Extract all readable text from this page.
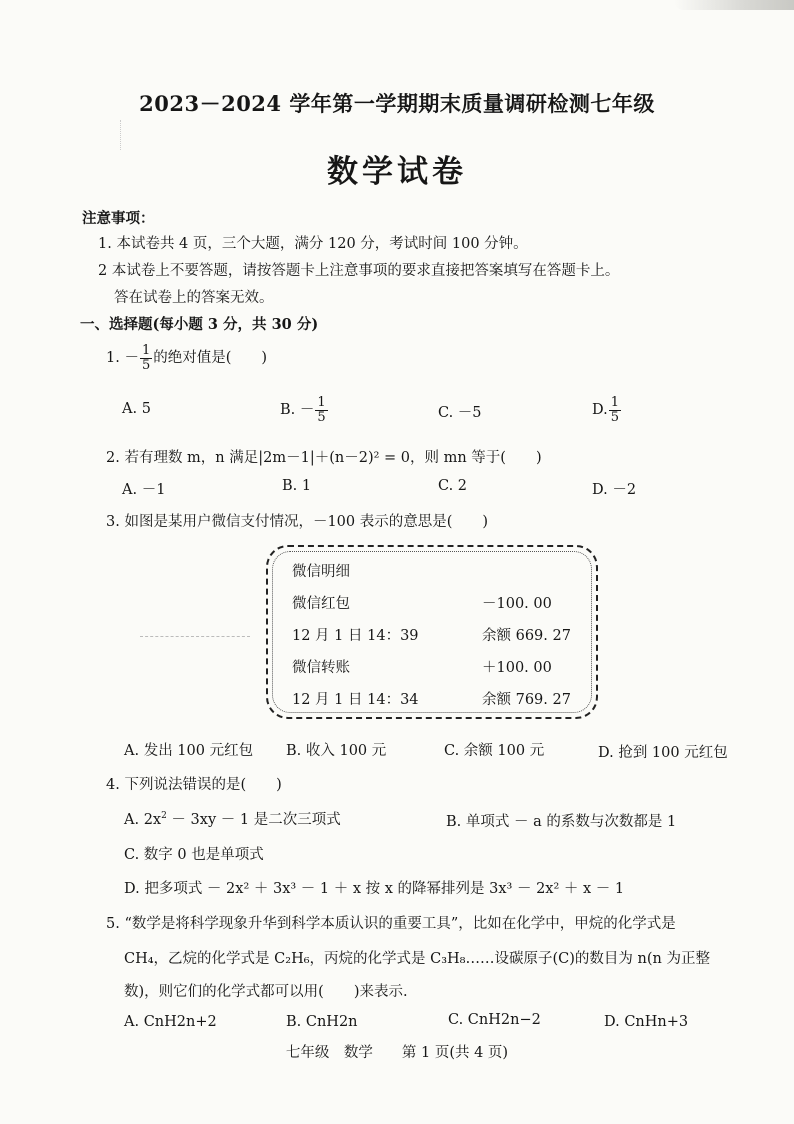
2023－2024 学年第一学期期末质量调研检测七年级
数学试卷
注意事项：
1. 本试卷共 4 页，三个大题，满分 120 分，考试时间 100 分钟。
2 本试卷上不要答题，请按答题卡上注意事项的要求直接把答案填写在答题卡上。
答在试卷上的答案无效。
一、选择题(每小题 3 分，共 30 分)
1. － $\frac{1}{5}$ 的绝对值是( )
A. 5	B. － $\frac{1}{5}$	C. －5	D. $\frac{1}{5}$
2. 若有理数 m，n 满足|2m－1|＋(n－2)² = 0，则 mn 等于( )
A. －1	B. 1	C. 2	D. －2
3. 如图是某用户微信支付情况，－100 表示的意思是( )
微信明细
微信红包	－100. 00
12 月 1 日 14：39	余额 669. 27
微信转账	＋100. 00
12 月 1 日 14：34	余额 769. 27
A. 发出 100 元红包 B. 收入 100 元	C. 余额 100 元	D. 抢到 100 元红包
4. 下列说法错误的是( )
A. $2x^2 - 3xy - 1$ 是二次三项式	B. 单项式 － a 的系数与次数都是 1
C. 数字 0 也是单项式
D. 把多项式 － 2x² ＋ 3x³ － 1 ＋ x 按 x 的降幂排列是 3x³ － 2x² ＋ x － 1
5. “数学是将科学现象升华到科学本质认识的重要工具”，比如在化学中，甲烷的化学式是
CH₄，乙烷的化学式是 C₂H₆，丙烷的化学式是 C₃H₈……设碳原子(C)的数目为 n(n 为正整
数)，则它们的化学式都可以用( )来表示.
A. CnH2n+2	B. CnH2n	C. CnH2n−2	D. CnHn+3
七年级　数学　　第 1 页(共 4 页)
